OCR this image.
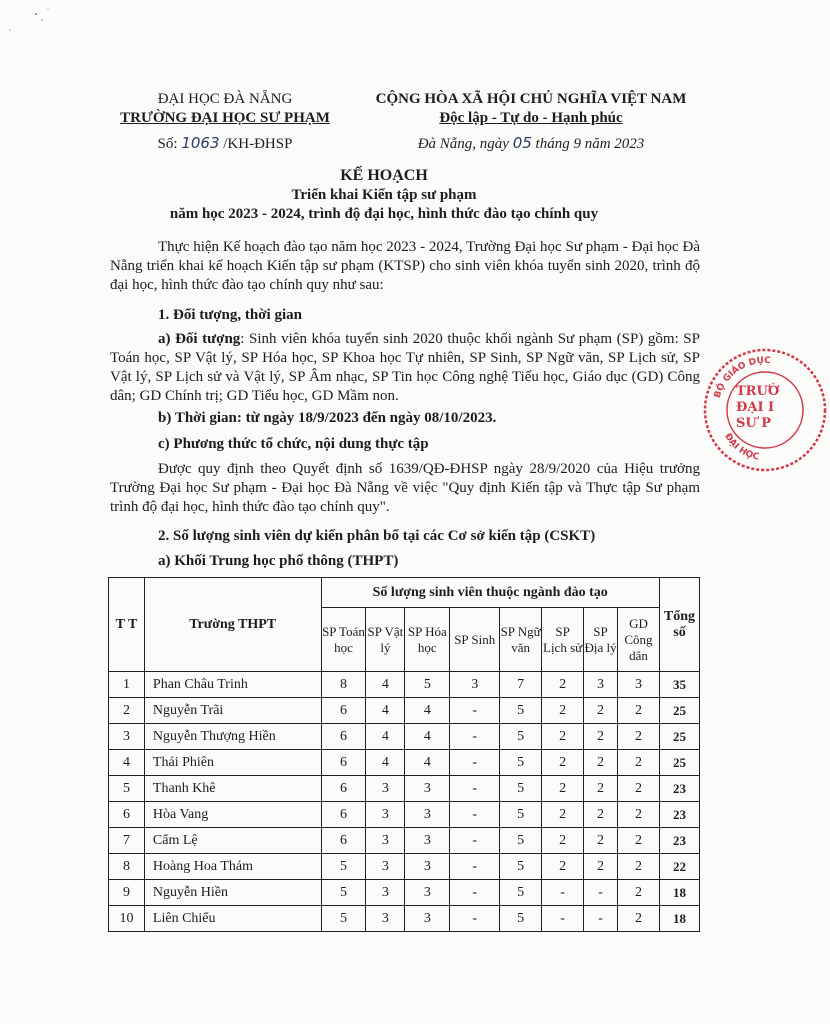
ĐẠI HỌC ĐÀ NẴNG
TRƯỜNG ĐẠI HỌC SƯ PHẠM
Số: 1063 /KH-ĐHSP
CỘNG HÒA XÃ HỘI CHỦ NGHĨA VIỆT NAM
Độc lập - Tự do - Hạnh phúc
Đà Nẵng, ngày 05 tháng 9 năm 2023
KẾ HOẠCH
Triển khai Kiến tập sư phạm
năm học 2023 - 2024, trình độ đại học, hình thức đào tạo chính quy
Thực hiện Kế hoạch đào tạo năm học 2023 - 2024, Trường Đại học Sư phạm - Đại học Đà Nẵng triển khai kế hoạch Kiến tập sư phạm (KTSP) cho sinh viên khóa tuyển sinh 2020, trình độ đại học, hình thức đào tạo chính quy như sau:
1. Đối tượng, thời gian
a) Đối tượng: Sinh viên khóa tuyển sinh 2020 thuộc khối ngành Sư phạm (SP) gồm: SP Toán học, SP Vật lý, SP Hóa học, SP Khoa học Tự nhiên, SP Sinh, SP Ngữ văn, SP Lịch sử, SP Vật lý, SP Lịch sử và Vật lý, SP Âm nhạc, SP Tin học Công nghệ Tiểu học, Giáo dục (GD) Công dân; GD Chính trị; GD Tiểu học, GD Mầm non.
b) Thời gian: từ ngày 18/9/2023 đến ngày 08/10/2023.
c) Phương thức tổ chức, nội dung thực tập
Được quy định theo Quyết định số 1639/QĐ-ĐHSP ngày 28/9/2020 của Hiệu trưởng Trường Đại học Sư phạm - Đại học Đà Nẵng về việc "Quy định Kiến tập và Thực tập Sư phạm trình độ đại học, hình thức đào tạo chính quy".
2. Số lượng sinh viên dự kiến phân bổ tại các Cơ sở kiến tập (CSKT)
a) Khối Trung học phổ thông (THPT)
T T	Trường THPT	Số lượng sinh viên thuộc ngành đào tạo								Tổng số
		SP Toán học	SP Vật lý	SP Hóa học	SP Sinh	SP Ngữ văn	SP Lịch sử	SP Địa lý	GD Công dân	
1	Phan Châu Trinh	8	4	5	3	7	2	3	3	35
2	Nguyễn Trãi	6	4	4	-	5	2	2	2	25
3	Nguyễn Thượng Hiền	6	4	4	-	5	2	2	2	25
4	Thái Phiên	6	4	4	-	5	2	2	2	25
5	Thanh Khê	6	3	3	-	5	2	2	2	23
6	Hòa Vang	6	3	3	-	5	2	2	2	23
7	Cẩm Lệ	6	3	3	-	5	2	2	2	23
8	Hoàng Hoa Thám	5	3	3	-	5	2	2	2	22
9	Nguyễn Hiền	5	3	3	-	5	-	-	2	18
10	Liên Chiểu	5	3	3	-	5	-	-	2	18
BỘ GIÁO DỤC
ĐẠI HỌC
TRƯỜ
ĐẠI I
SƯ P
